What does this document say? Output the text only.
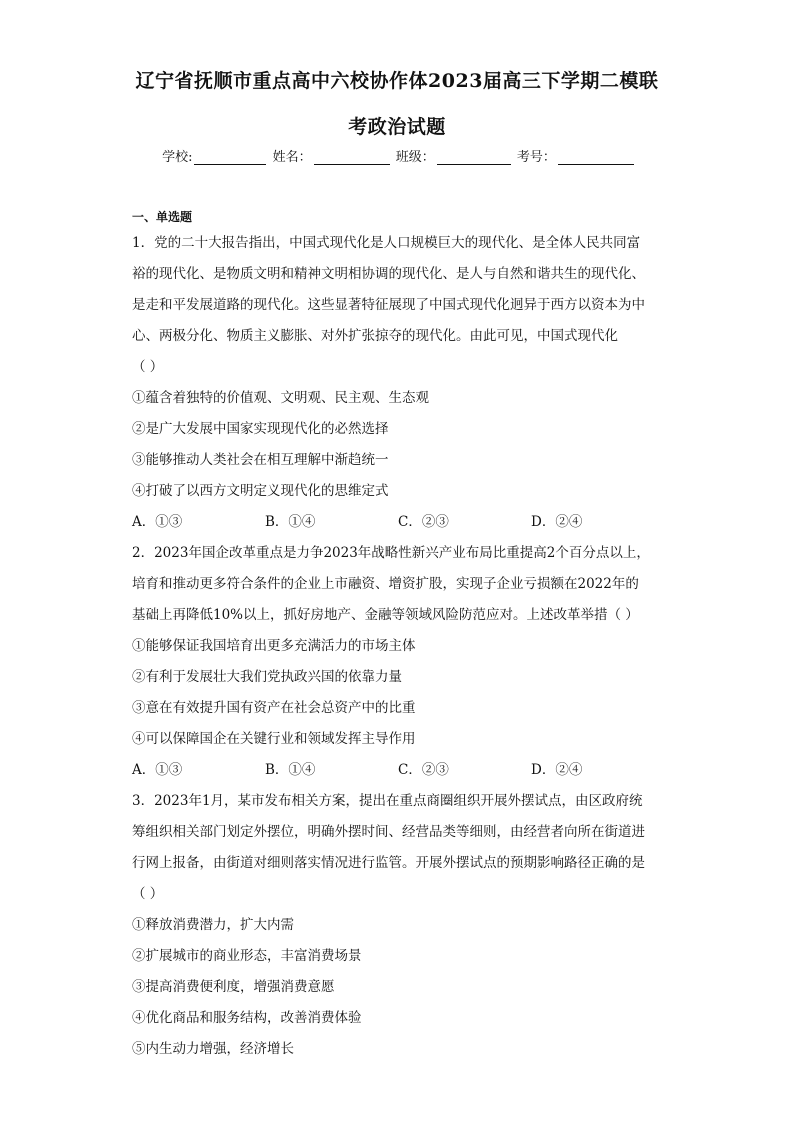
辽宁省抚顺市重点高中六校协作体2023届高三下学期二模联
考政治试题
学校:	姓名：	班级：	考号：
一、单选题

1．党的二十大报告指出，中国式现代化是人口规模巨大的现代化、是全体人民共同富

裕的现代化、是物质文明和精神文明相协调的现代化、是人与自然和谐共生的现代化、

是走和平发展道路的现代化。这些显著特征展现了中国式现代化迥异于西方以资本为中

心、两极分化、物质主义膨胀、对外扩张掠夺的现代化。由此可见，中国式现代化

（ ）

①蕴含着独特的价值观、文明观、民主观、生态观

②是广大发展中国家实现现代化的必然选择

③能够推动人类社会在相互理解中渐趋统一

④打破了以西方文明定义现代化的思维定式

A．①③	B．①④	C．②③	D．②④

2．2023年国企改革重点是力争2023年战略性新兴产业布局比重提高2个百分点以上，

培育和推动更多符合条件的企业上市融资、增资扩股，实现子企业亏损额在2022年的

基础上再降低10%以上，抓好房地产、金融等领域风险防范应对。上述改革举措（ ）

①能够保证我国培育出更多充满活力的市场主体

②有利于发展壮大我们党执政兴国的依靠力量

③意在有效提升国有资产在社会总资产中的比重

④可以保障国企在关键行业和领域发挥主导作用

A．①③	B．①④	C．②③	D．②④

3．2023年1月，某市发布相关方案，提出在重点商圈组织开展外摆试点，由区政府统

筹组织相关部门划定外摆位，明确外摆时间、经营品类等细则，由经营者向所在街道进

行网上报备，由街道对细则落实情况进行监管。开展外摆试点的预期影响路径正确的是

（ ）

①释放消费潜力，扩大内需

②扩展城市的商业形态，丰富消费场景

③提高消费便利度，增强消费意愿

④优化商品和服务结构，改善消费体验

⑤内生动力增强，经济增长
